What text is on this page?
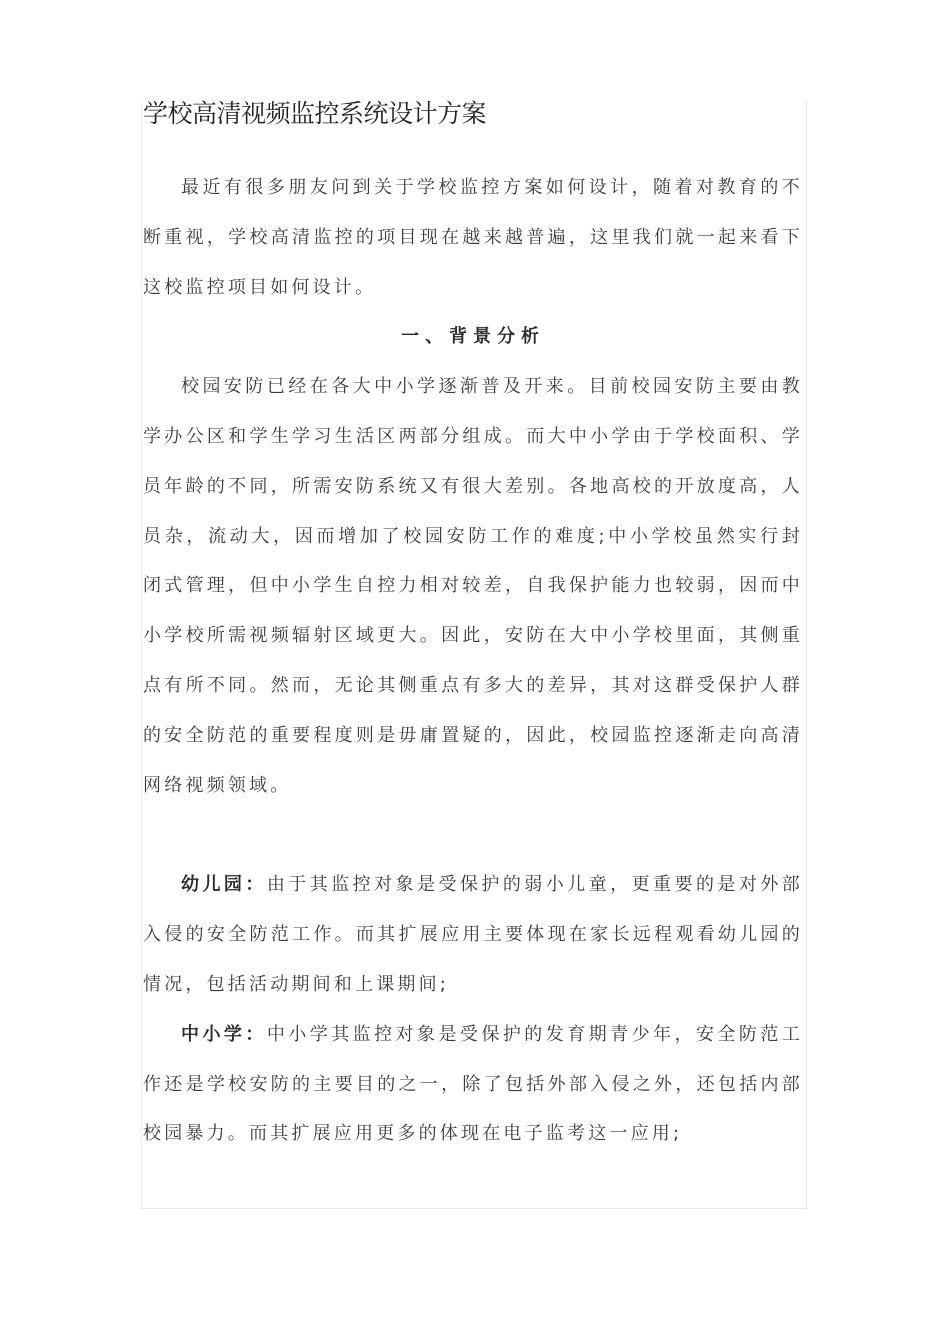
学校高清视频监控系统设计方案

最近有很多朋友问到关于学校监控方案如何设计，随着对教育的不断重视，学校高清监控的项目现在越来越普遍，这里我们就一起来看下这校监控项目如何设计。

一、背景分析

校园安防已经在各大中小学逐渐普及开来。目前校园安防主要由教学办公区和学生学习生活区两部分组成。而大中小学由于学校面积、学员年龄的不同，所需安防系统又有很大差别。各地高校的开放度高，人员杂，流动大，因而增加了校园安防工作的难度;中小学校虽然实行封闭式管理，但中小学生自控力相对较差，自我保护能力也较弱，因而中小学校所需视频辐射区域更大。因此，安防在大中小学校里面，其侧重点有所不同。然而，无论其侧重点有多大的差异，其对这群受保护人群的安全防范的重要程度则是毋庸置疑的，因此，校园监控逐渐走向高清网络视频领域。

幼儿园：由于其监控对象是受保护的弱小儿童，更重要的是对外部入侵的安全防范工作。而其扩展应用主要体现在家长远程观看幼儿园的情况，包括活动期间和上课期间;

中小学：中小学其监控对象是受保护的发育期青少年，安全防范工作还是学校安防的主要目的之一，除了包括外部入侵之外，还包括内部校园暴力。而其扩展应用更多的体现在电子监考这一应用;
